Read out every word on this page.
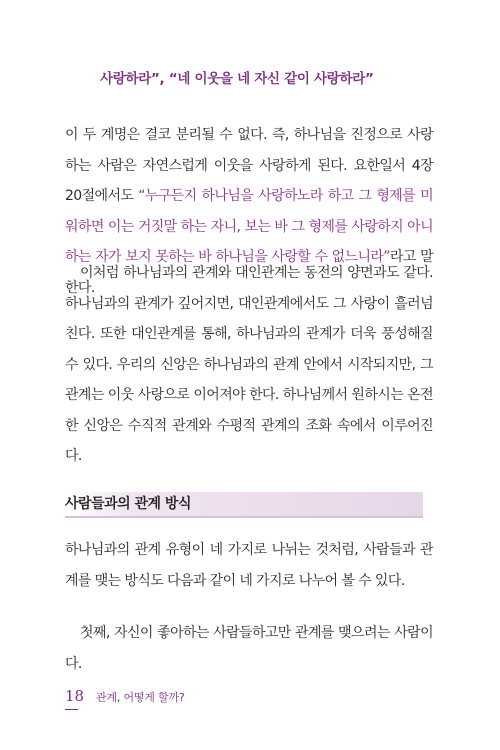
사랑하라”, “네 이웃을 네 자신 같이 사랑하라”
이 두 계명은 결코 분리될 수 없다. 즉, 하나님을 진정으로 사랑하는 사람은 자연스럽게 이웃을 사랑하게 된다. 요한일서 4장 20절에서도 “누구든지 하나님을 사랑하노라 하고 그 형제를 미워하면 이는 거짓말 하는 자니, 보는 바 그 형제를 사랑하지 아니하는 자가 보지 못하는 바 하나님을 사랑할 수 없느니라”라고 말한다.
이처럼 하나님과의 관계와 대인관계는 동전의 양면과도 같다. 하나님과의 관계가 깊어지면, 대인관계에서도 그 사랑이 흘러넘친다. 또한 대인관계를 통해, 하나님과의 관계가 더욱 풍성해질 수 있다. 우리의 신앙은 하나님과의 관계 안에서 시작되지만, 그 관계는 이웃 사랑으로 이어져야 한다. 하나님께서 원하시는 온전한 신앙은 수직적 관계와 수평적 관계의 조화 속에서 이루어진다.
사람들과의 관계 방식
하나님과의 관계 유형이 네 가지로 나뉘는 것처럼, 사람들과 관계를 맺는 방식도 다음과 같이 네 가지로 나누어 볼 수 있다.
첫째, 자신이 좋아하는 사람들하고만 관계를 맺으려는 사람이다.
18 관계, 어떻게 할까?
